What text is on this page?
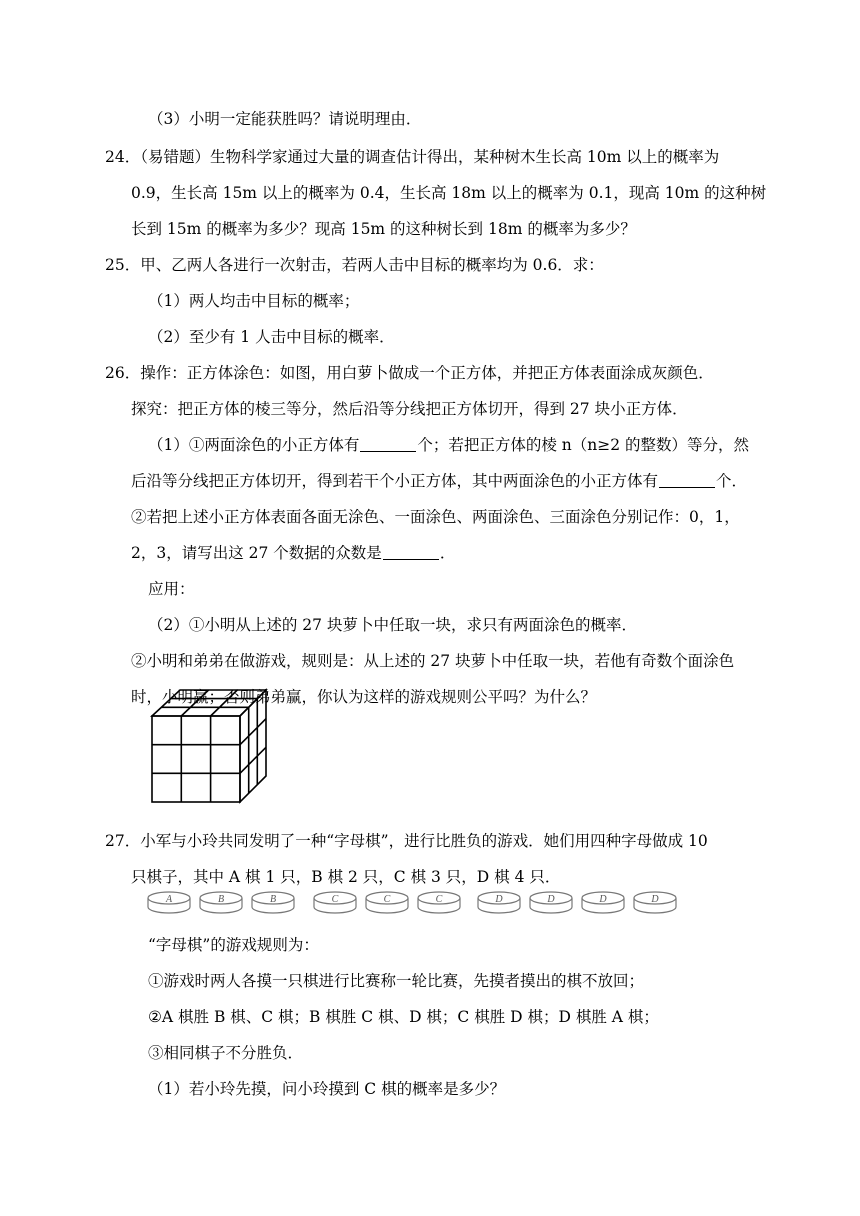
（3）小明一定能获胜吗？请说明理由．
24．（易错题）生物科学家通过大量的调查估计得出，某种树木生长高 10m 以上的概率为
0.9，生长高 15m 以上的概率为 0.4，生长高 18m 以上的概率为 0.1，现高 10m 的这种树
长到 15m 的概率为多少？现高 15m 的这种树长到 18m 的概率为多少？
25．甲、乙两人各进行一次射击，若两人击中目标的概率均为 0.6．求：
（1）两人均击中目标的概率；
（2）至少有 1 人击中目标的概率．
26．操作：正方体涂色：如图，用白萝卜做成一个正方体，并把正方体表面涂成灰颜色．
探究：把正方体的棱三等分，然后沿等分线把正方体切开，得到 27 块小正方体．
（1）①两面涂色的小正方体有	个；若把正方体的棱 n（n≥2 的整数）等分，然
后沿等分线把正方体切开，得到若干个小正方体，其中两面涂色的小正方体有	个．
②若把上述小正方体表面各面无涂色、一面涂色、两面涂色、三面涂色分别记作：0，1，
2，3，请写出这 27 个数据的众数是	．
应用：
（2）①小明从上述的 27 块萝卜中任取一块，求只有两面涂色的概率．
②小明和弟弟在做游戏，规则是：从上述的 27 块萝卜中任取一块，若他有奇数个面涂色
时，小明赢；否则弟弟赢，你认为这样的游戏规则公平吗？为什么？
27．小军与小玲共同发明了一种“字母棋”，进行比胜负的游戏．她们用四种字母做成 10
只棋子，其中 A 棋 1 只，B 棋 2 只，C 棋 3 只，D 棋 4 只．
A	B	B	C	C	C	D	D	D	D
“字母棋”的游戏规则为：
①游戏时两人各摸一只棋进行比赛称一轮比赛，先摸者摸出的棋不放回；
②A 棋胜 B 棋、C 棋；B 棋胜 C 棋、D 棋；C 棋胜 D 棋；D 棋胜 A 棋；
③相同棋子不分胜负．
（1）若小玲先摸，问小玲摸到 C 棋的概率是多少？
